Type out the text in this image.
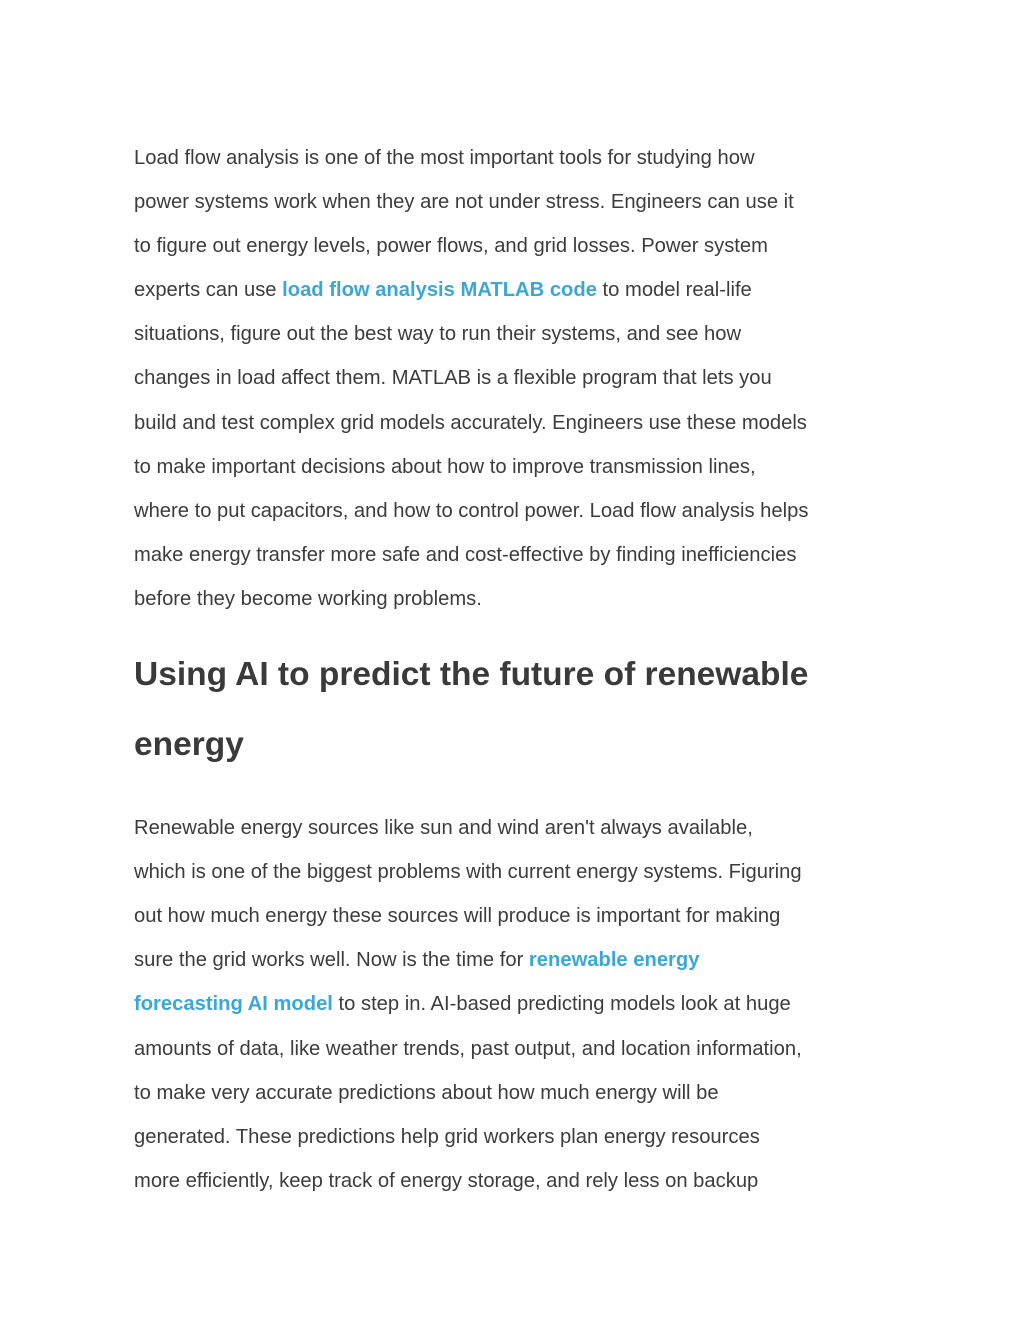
Load flow analysis is one of the most important tools for studying how
power systems work when they are not under stress. Engineers can use it
to figure out energy levels, power flows, and grid losses. Power system
experts can use load flow analysis MATLAB code to model real-life
situations, figure out the best way to run their systems, and see how
changes in load affect them. MATLAB is a flexible program that lets you
build and test complex grid models accurately. Engineers use these models
to make important decisions about how to improve transmission lines,
where to put capacitors, and how to control power. Load flow analysis helps
make energy transfer more safe and cost-effective by finding inefficiencies
before they become working problems.

Using AI to predict the future of renewable
energy

Renewable energy sources like sun and wind aren't always available,
which is one of the biggest problems with current energy systems. Figuring
out how much energy these sources will produce is important for making
sure the grid works well. Now is the time for renewable energy
forecasting AI model to step in. AI-based predicting models look at huge
amounts of data, like weather trends, past output, and location information,
to make very accurate predictions about how much energy will be
generated. These predictions help grid workers plan energy resources
more efficiently, keep track of energy storage, and rely less on backup
